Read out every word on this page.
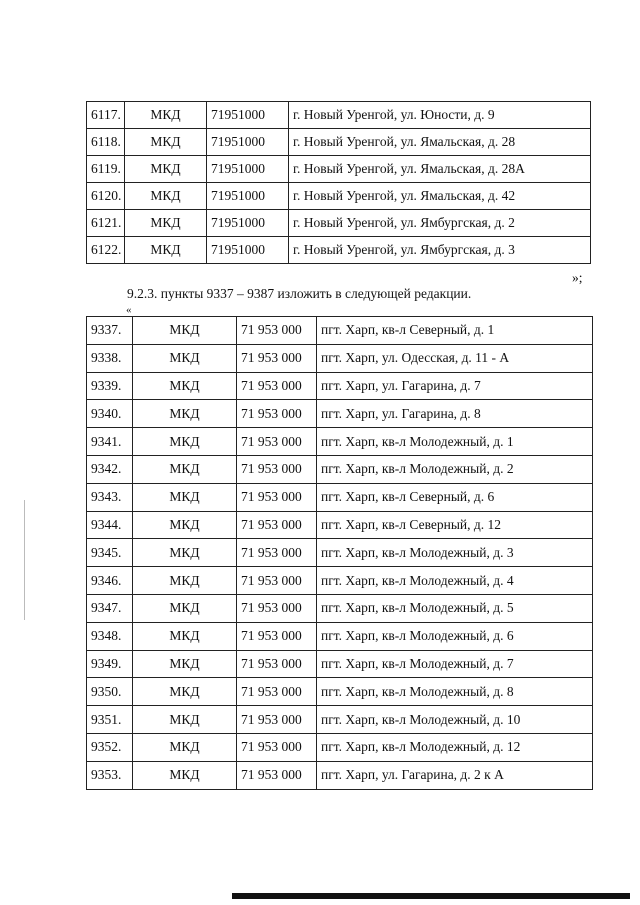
6117.	МКД	71951000	г. Новый Уренгой, ул. Юности, д. 9
6118.	МКД	71951000	г. Новый Уренгой, ул. Ямальская, д. 28
6119.	МКД	71951000	г. Новый Уренгой, ул. Ямальская, д. 28А
6120.	МКД	71951000	г. Новый Уренгой, ул. Ямальская, д. 42
6121.	МКД	71951000	г. Новый Уренгой, ул. Ямбургская, д. 2
6122.	МКД	71951000	г. Новый Уренгой, ул. Ямбургская, д. 3
»;
9.2.3. пункты 9337 – 9387 изложить в следующей редакции.
«
9337.	МКД	71 953 000	пгт. Харп, кв-л Северный, д. 1
9338.	МКД	71 953 000	пгт. Харп, ул. Одесская, д. 11 - А
9339.	МКД	71 953 000	пгт. Харп, ул. Гагарина, д. 7
9340.	МКД	71 953 000	пгт. Харп, ул. Гагарина, д. 8
9341.	МКД	71 953 000	пгт. Харп, кв-л Молодежный, д. 1
9342.	МКД	71 953 000	пгт. Харп, кв-л Молодежный, д. 2
9343.	МКД	71 953 000	пгт. Харп, кв-л Северный, д. 6
9344.	МКД	71 953 000	пгт. Харп, кв-л Северный, д. 12
9345.	МКД	71 953 000	пгт. Харп, кв-л Молодежный, д. 3
9346.	МКД	71 953 000	пгт. Харп, кв-л Молодежный, д. 4
9347.	МКД	71 953 000	пгт. Харп, кв-л Молодежный, д. 5
9348.	МКД	71 953 000	пгт. Харп, кв-л Молодежный, д. 6
9349.	МКД	71 953 000	пгт. Харп, кв-л Молодежный, д. 7
9350.	МКД	71 953 000	пгт. Харп, кв-л Молодежный, д. 8
9351.	МКД	71 953 000	пгт. Харп, кв-л Молодежный, д. 10
9352.	МКД	71 953 000	пгт. Харп, кв-л Молодежный, д. 12
9353.	МКД	71 953 000	пгт. Харп, ул. Гагарина, д. 2 к А
